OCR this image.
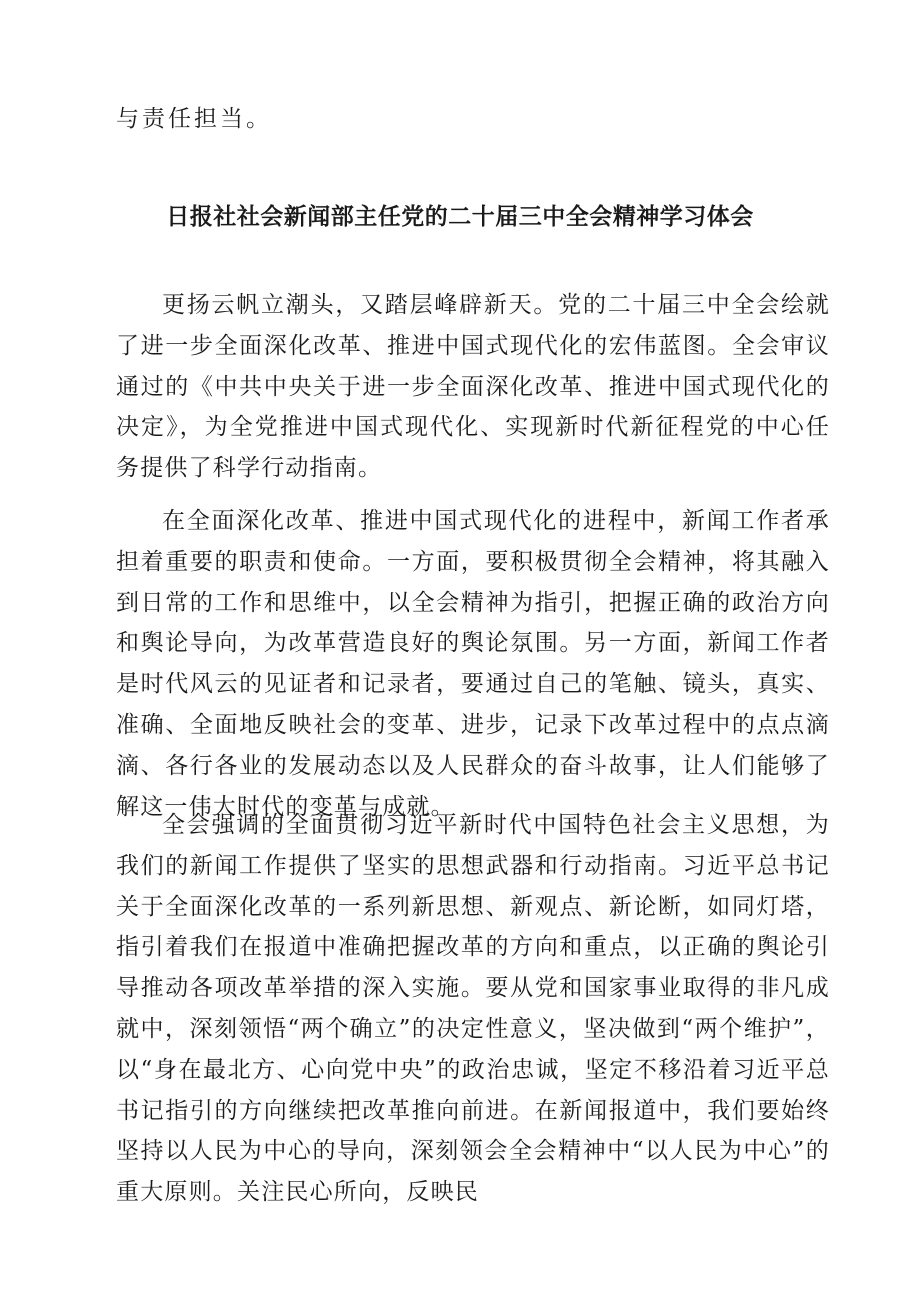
与责任担当。

日报社社会新闻部主任党的二十届三中全会精神学习体会

更扬云帆立潮头，又踏层峰辟新天。党的二十届三中全会绘就了进一步全面深化改革、推进中国式现代化的宏伟蓝图。全会审议通过的《中共中央关于进一步全面深化改革、推进中国式现代化的决定》，为全党推进中国式现代化、实现新时代新征程党的中心任务提供了科学行动指南。

在全面深化改革、推进中国式现代化的进程中，新闻工作者承担着重要的职责和使命。一方面，要积极贯彻全会精神，将其融入到日常的工作和思维中，以全会精神为指引，把握正确的政治方向和舆论导向，为改革营造良好的舆论氛围。另一方面，新闻工作者是时代风云的见证者和记录者，要通过自己的笔触、镜头，真实、准确、全面地反映社会的变革、进步，记录下改革过程中的点点滴滴、各行各业的发展动态以及人民群众的奋斗故事，让人们能够了解这一伟大时代的变革与成就。

全会强调的全面贯彻习近平新时代中国特色社会主义思想，为我们的新闻工作提供了坚实的思想武器和行动指南。习近平总书记关于全面深化改革的一系列新思想、新观点、新论断，如同灯塔，指引着我们在报道中准确把握改革的方向和重点，以正确的舆论引导推动各项改革举措的深入实施。要从党和国家事业取得的非凡成就中，深刻领悟“两个确立”的决定性意义，坚决做到“两个维护”，以“身在最北方、心向党中央”的政治忠诚，坚定不移沿着习近平总书记指引的方向继续把改革推向前进。在新闻报道中，我们要始终坚持以人民为中心的导向，深刻领会全会精神中“以人民为中心”的重大原则。关注民心所向，反映民
